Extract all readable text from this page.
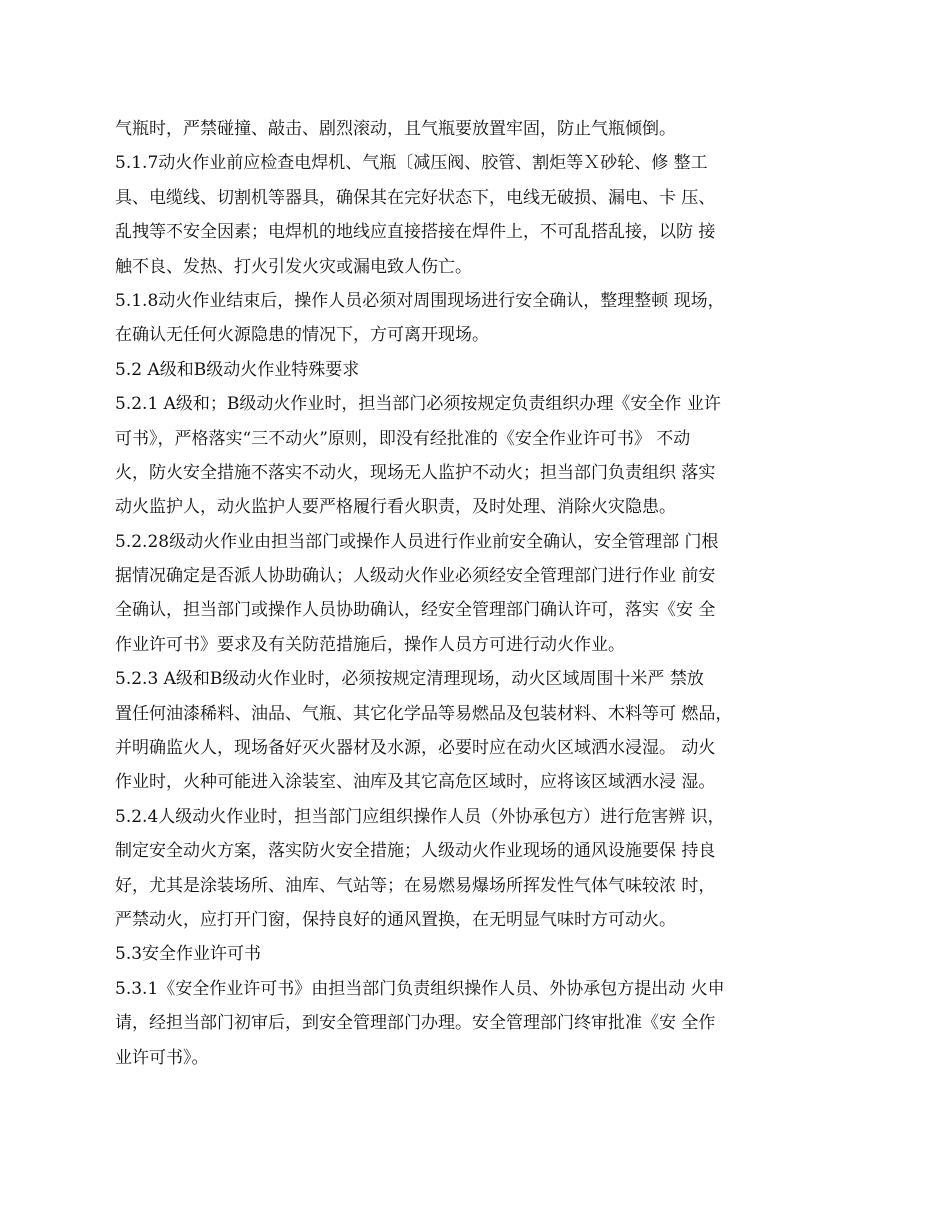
气瓶时，严禁碰撞、敲击、剧烈滚动，且气瓶要放置牢固，防止气瓶倾倒。
5.1.7动火作业前应检查电焊机、气瓶〔减压阀、胶管、割炬等Ｘ砂轮、修 整工
具、电缆线、切割机等器具，确保其在完好状态下，电线无破损、漏电、卡 压、
乱拽等不安全因素；电焊机的地线应直接搭接在焊件上，不可乱搭乱接，以防 接
触不良、发热、打火引发火灾或漏电致人伤亡。
5.1.8动火作业结束后，操作人员必须对周围现场进行安全确认，整理整顿 现场，
在确认无任何火源隐患的情况下，方可离开现场。
5.2 A级和B级动火作业特殊要求
5.2.1 A级和；B级动火作业时，担当部门必须按规定负责组织办理《安全作 业许
可书》，严格落实“三不动火”原则，即没有经批准的《安全作业许可书》 不动
火，防火安全措施不落实不动火，现场无人监护不动火；担当部门负责组织 落实
动火监护人，动火监护人要严格履行看火职责，及时处理、消除火灾隐患。
5.2.28级动火作业由担当部门或操作人员进行作业前安全确认，安全管理部 门根
据情况确定是否派人协助确认；人级动火作业必须经安全管理部门进行作业 前安
全确认，担当部门或操作人员协助确认，经安全管理部门确认许可，落实《安 全
作业许可书》要求及有关防范措施后，操作人员方可进行动火作业。
5.2.3 A级和B级动火作业时，必须按规定清理现场，动火区域周围十米严 禁放
置任何油漆稀料、油品、气瓶、其它化学品等易燃品及包装材料、木料等可 燃品，
并明确监火人，现场备好灭火器材及水源，必要时应在动火区域洒水浸湿。 动火
作业时，火种可能进入涂装室、油库及其它高危区域时，应将该区域洒水浸 湿。
5.2.4人级动火作业时，担当部门应组织操作人员（外协承包方）进行危害辨 识，
制定安全动火方案，落实防火安全措施；人级动火作业现场的通风设施要保 持良
好，尤其是涂装场所、油库、气站等；在易燃易爆场所挥发性气体气味较浓 时，
严禁动火，应打开门窗，保持良好的通风置换，在无明显气味时方可动火。
5.3安全作业许可书
5.3.1《安全作业许可书》由担当部门负责组织操作人员、外协承包方提出动 火申
请，经担当部门初审后，到安全管理部门办理。安全管理部门终审批准《安 全作
业许可书》。
